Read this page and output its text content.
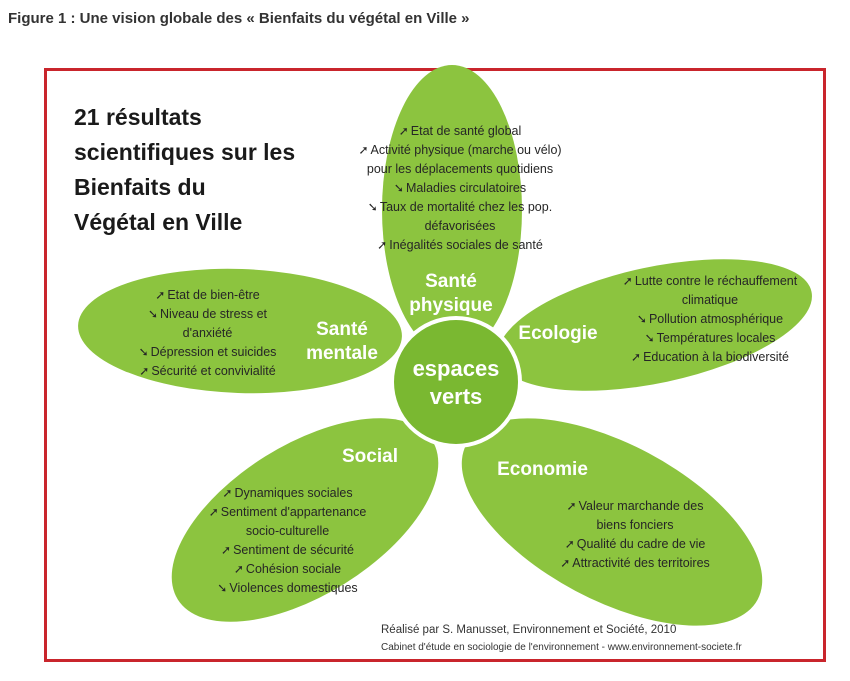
Figure 1 : Une vision globale des « Bienfaits du végétal en Ville »
21 résultats
scientifiques sur les
Bienfaits du
Végétal en Ville
espaces
verts
Santé
physique
➚ Etat de santé global
➚ Activité physique (marche ou vélo)
pour les déplacements quotidiens
➘ Maladies circulatoires
➘ Taux de mortalité chez les pop.
défavorisées
➚ Inégalités sociales de santé
Santé
mentale
➚ Etat de bien-être
➘ Niveau de stress et
d'anxiété
➘ Dépression et suicides
➚ Sécurité et convivialité
Ecologie
➚ Lutte contre le réchauffement
climatique
➘ Pollution atmosphérique
➘ Températures locales
➚ Education à la biodiversité
Social
➚ Dynamiques sociales
➚ Sentiment d'appartenance
socio-culturelle
➚ Sentiment de sécurité
➚ Cohésion sociale
➘ Violences domestiques
Economie
➚ Valeur marchande des
biens fonciers
➚ Qualité du cadre de vie
➚ Attractivité des territoires
Réalisé par S. Manusset, Environnement et Société, 2010
Cabinet d'étude en sociologie de l'environnement - www.environnement-societe.fr
